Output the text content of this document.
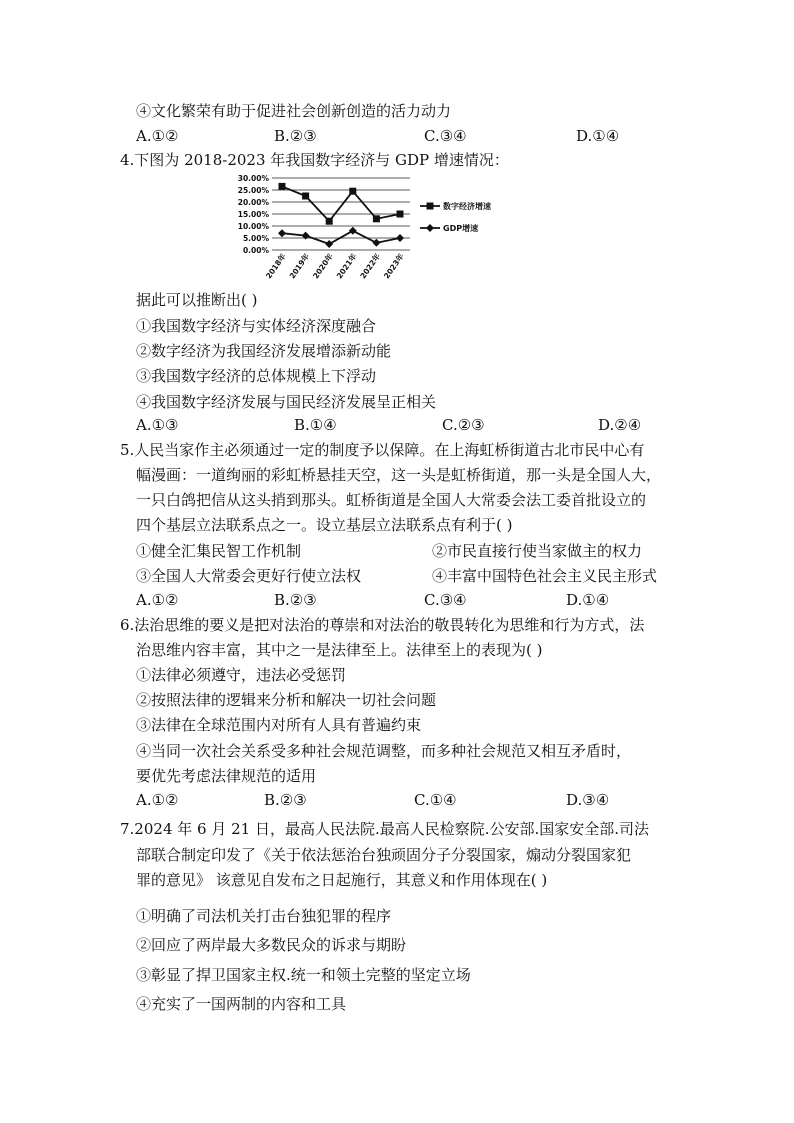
④文化繁荣有助于促进社会创新创造的活力动力
A.①②	B.②③	C.③④	D.①④
4.下图为 2018-2023 年我国数字经济与 GDP 增速情况：
0.00%
5.00%
10.00%
15.00%
20.00%
25.00%
30.00%
2018年 2019年 2020年 2021年 2022年 2023年
数字经济增速
GDP增速
据此可以推断出( )
①我国数字经济与实体经济深度融合
②数字经济为我国经济发展增添新动能
③我国数字经济的总体规模上下浮动
④我国数字经济发展与国民经济发展呈正相关
A.①③	B.①④	C.②③	D.②④
5.人民当家作主必须通过一定的制度予以保障。在上海虹桥街道古北市民中心有
幅漫画：一道绚丽的彩虹桥悬挂天空，这一头是虹桥街道，那一头是全国人大，
一只白鸽把信从这头捎到那头。虹桥街道是全国人大常委会法工委首批设立的
四个基层立法联系点之一。设立基层立法联系点有利于( )
①健全汇集民智工作机制	②市民直接行使当家做主的权力
③全国人大常委会更好行使立法权	④丰富中国特色社会主义民主形式
A.①②	B.②③	C.③④	D.①④
6.法治思维的要义是把对法治的尊崇和对法治的敬畏转化为思维和行为方式，法
治思维内容丰富，其中之一是法律至上。法律至上的表现为( )
①法律必须遵守，违法必受惩罚
②按照法律的逻辑来分析和解决一切社会问题
③法律在全球范围内对所有人具有普遍约束
④当同一次社会关系受多种社会规范调整，而多种社会规范又相互矛盾时，
要优先考虑法律规范的适用
A.①②	B.②③	C.①④	D.③④
7.2024 年 6 月 21 日，最高人民法院.最高人民检察院.公安部.国家安全部.司法
部联合制定印发了《关于依法惩治台独顽固分子分裂国家，煽动分裂国家犯
罪的意见》 该意见自发布之日起施行，其意义和作用体现在( )
①明确了司法机关打击台独犯罪的程序
②回应了两岸最大多数民众的诉求与期盼
③彰显了捍卫国家主权.统一和领土完整的坚定立场
④充实了一国两制的内容和工具
